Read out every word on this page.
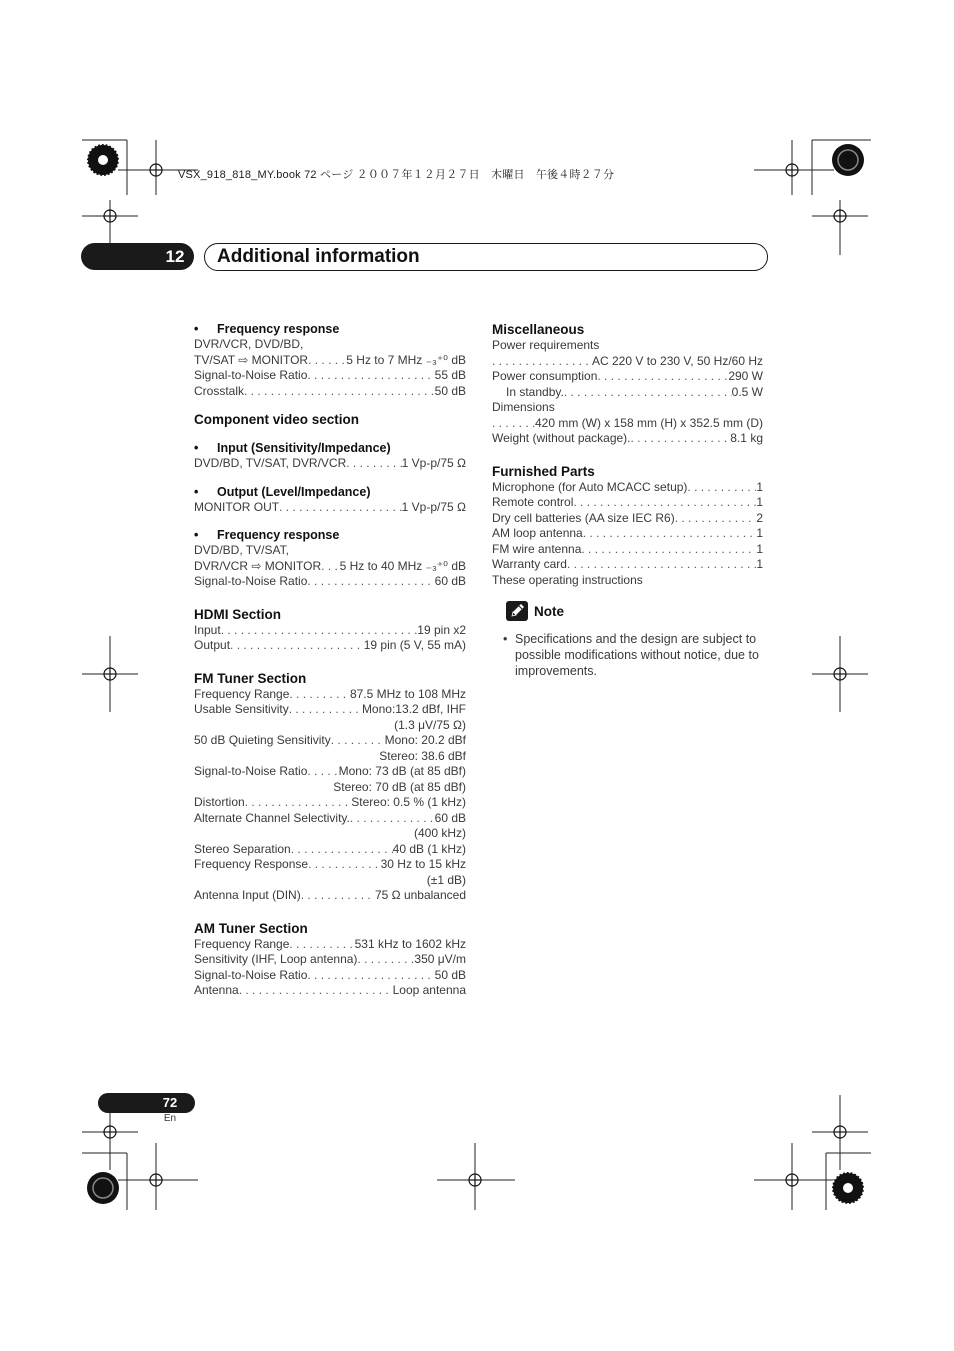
VSX_918_818_MY.book 72 ページ ２００７年１２月２７日　木曜日　午後４時２７分
12 Additional information
• Frequency response
DVR/VCR, DVD/BD,
TV/SAT ⇨ MONITOR . . .	5 Hz to 7 MHz ₋₃⁺⁰ dB
Signal-to-Noise Ratio . . .	55 dB
Crosstalk . . .	50 dB
Component video section
• Input (Sensitivity/Impedance)
DVD/BD, TV/SAT, DVR/VCR . . .	1 Vp-p/75 Ω
• Output (Level/Impedance)
MONITOR OUT . . .	1 Vp-p/75 Ω
• Frequency response
DVD/BD, TV/SAT,
DVR/VCR ⇨ MONITOR . . . 5 Hz to 40 MHz ₋₃⁺⁰ dB
Signal-to-Noise Ratio . . .	60 dB
HDMI Section
Input . . .	19 pin x2
Output . . .	19 pin (5 V, 55 mA)
FM Tuner Section
Frequency Range . . .	87.5 MHz to 108 MHz
Usable Sensitivity . . .	Mono:13.2 dBf, IHF
(1.3 μV/75 Ω)
50 dB Quieting Sensitivity . . .	Mono: 20.2 dBf
Stereo: 38.6 dBf
Signal-to-Noise Ratio . . .	Mono: 73 dB (at 85 dBf)
Stereo: 70 dB (at 85 dBf)
Distortion . . .	Stereo: 0.5 % (1 kHz)
Alternate Channel Selectivity. . . .	60 dB
(400 kHz)
Stereo Separation . . .	40 dB (1 kHz)
Frequency Response . . .	30 Hz to 15 kHz
(±1 dB)
Antenna Input (DIN) . . .	75 Ω unbalanced
AM Tuner Section
Frequency Range . . .	531 kHz to 1602 kHz
Sensitivity (IHF, Loop antenna) . . .	350 μV/m
Signal-to-Noise Ratio . . .	50 dB
Antenna . . .	Loop antenna
Miscellaneous
Power requirements
. . .
AC 220 V to 230 V, 50 Hz/60 Hz
Power consumption . . .	290 W
In standby. . . .	0.5 W
Dimensions
. . .
420 mm (W) x 158 mm (H) x 352.5 mm (D)
Weight (without package). . . .	8.1 kg
Furnished Parts
Microphone (for Auto MCACC setup) . . .	1
Remote control . . .	1
Dry cell batteries (AA size IEC R6) . . .	2
AM loop antenna . . .	1
FM wire antenna . . .	1
Warranty card . . .	1
These operating instructions
Note
• Specifications and the design are subject to possible modifications without notice, due to improvements.
72
En
